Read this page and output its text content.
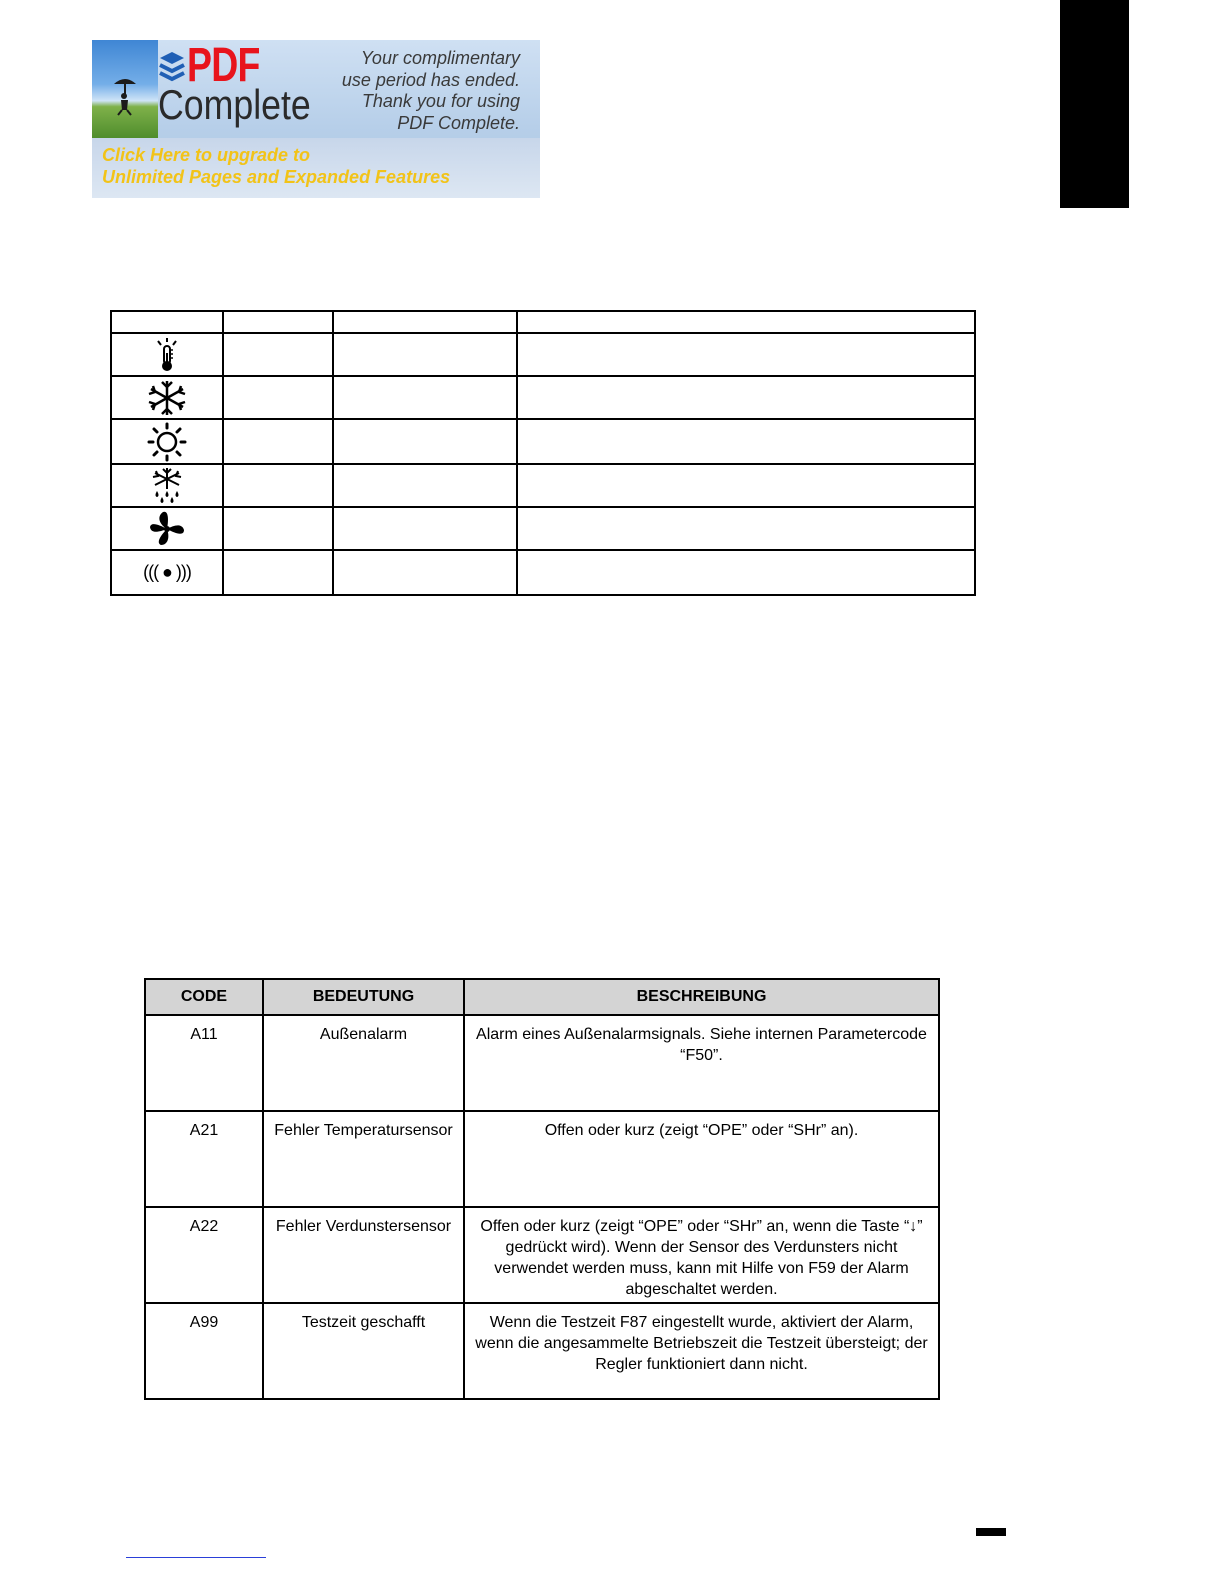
PDF
Complete
Your complimentary
use period has ended.
Thank you for using
PDF Complete.
Click Here to upgrade to
Unlimited Pages and Expanded Features

((( ● )))			
CODE	BEDEUTUNG	BESCHREIBUNG
A11	Außenalarm	Alarm eines Außenalarmsignals. Siehe internen Parametercode “F50”.
A21	Fehler Temperatursensor	Offen oder kurz (zeigt “OPE” oder “SHr” an).
A22	Fehler Verdunstersensor	Offen oder kurz (zeigt “OPE” oder “SHr” an, wenn die Taste “↓” gedrückt wird). Wenn der Sensor des Verdunsters nicht verwendet werden muss, kann mit Hilfe von F59 der Alarm abgeschaltet werden.
A99	Testzeit geschafft	Wenn die Testzeit F87 eingestellt wurde, aktiviert der Alarm, wenn die angesammelte Betriebszeit die Testzeit übersteigt; der Regler funktioniert dann nicht.
